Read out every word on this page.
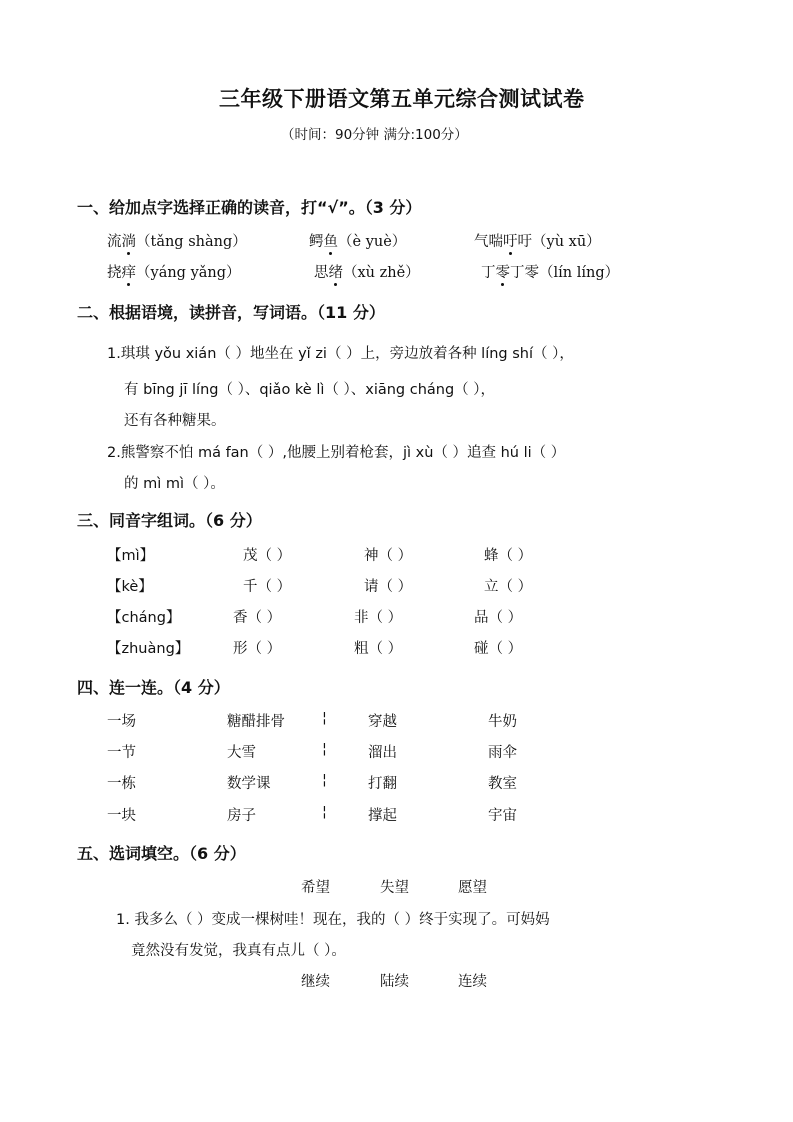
三年级下册语文第五单元综合测试试卷
（时间：90分钟 满分:100分）
一、给加点字选择正确的读音，打“√”。（3 分）
流淌（tǎng shàng）	鳄鱼（è yuè）	气喘吁吁（yù xū）
挠痒（yáng yǎng）	思绪（xù zhě）	丁零丁零（lín líng）
二、根据语境，读拼音，写词语。（11 分）
1.琪琪 yǒu xián（ ）地坐在 yǐ zi（ ）上，旁边放着各种 líng shí（ ），
有 bīng jī líng（ ）、qiǎo kè lì（ ）、xiāng cháng（ ），
还有各种糖果。
2.熊警察不怕 má fan（ ）,他腰上别着枪套，jì xù（ ）追查 hú li（ ）
的 mì mì（ ）。
三、同音字组词。（6 分）
【mì】	茂（ ）	神（ ）	蜂（ ）
【kè】	千（ ）	请（ ）	立（ ）
【cháng】	香（ ）	非（ ）	品（ ）
【zhuàng】	形（ ）	粗（ ）	碰（ ）
四、连一连。（4 分）
一场	糖醋排骨	¦	穿越	牛奶
一节	大雪	¦	溜出	雨伞
一栋	数学课	¦	打翻	教室
一块	房子	¦	撑起	宇宙
五、选词填空。（6 分）
希望	失望	愿望
1. 我多么（ ）变成一棵树哇！现在，我的（ ）终于实现了。可妈妈
竟然没有发觉，我真有点儿（ ）。
继续	陆续	连续
